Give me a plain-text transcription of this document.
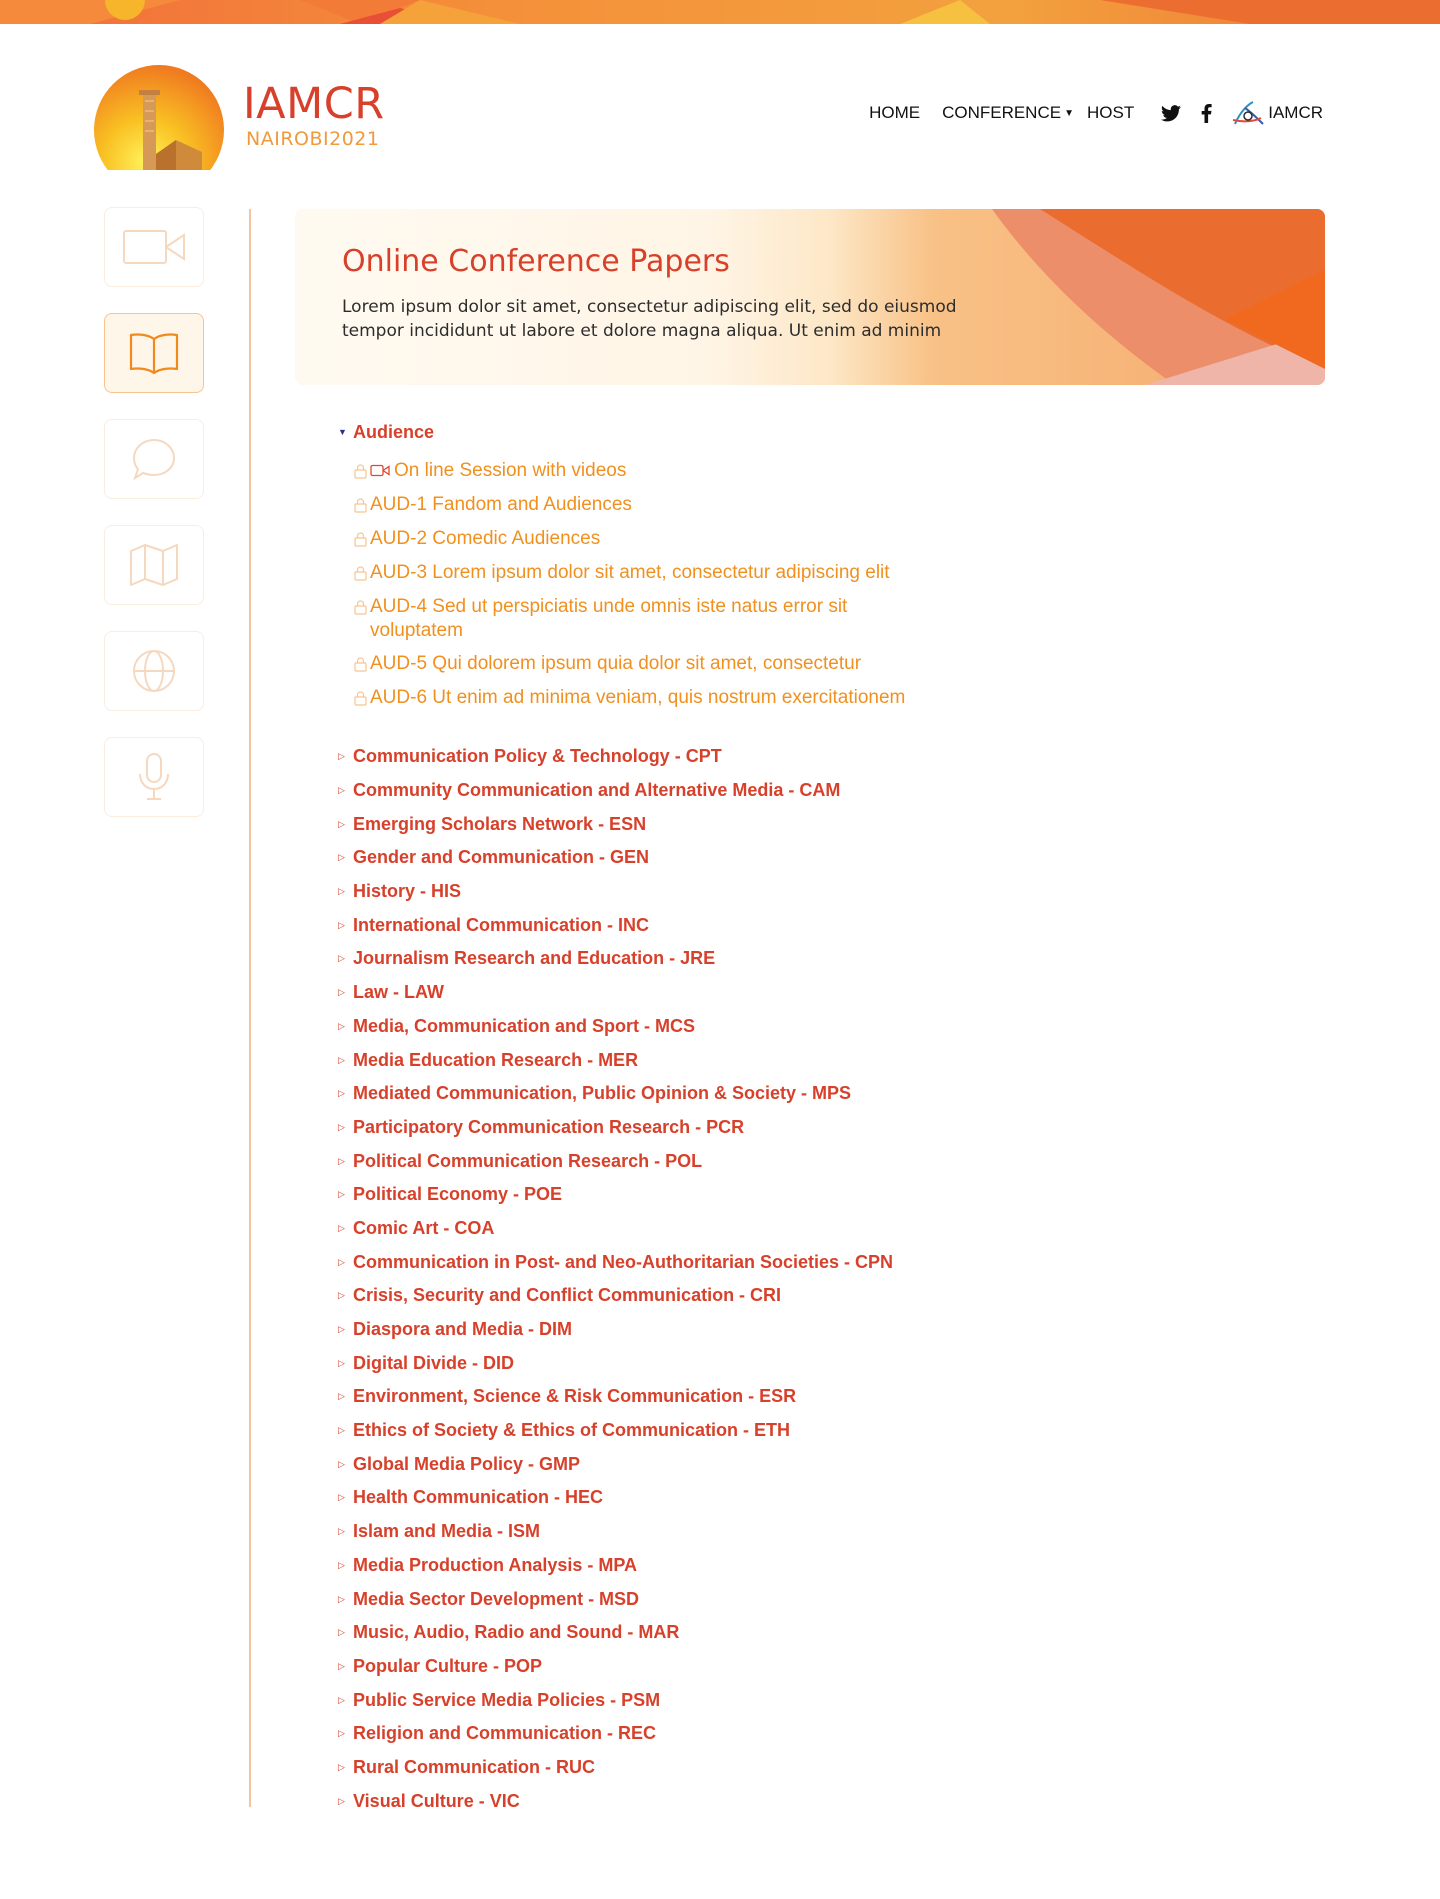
IAMCR
NAIROBI2021
HOME CONFERENCE ▼ HOST	IAMCR
Online Conference Papers

Lorem ipsum dolor sit amet, consectetur adipiscing elit, sed do eiusmod tempor incididunt ut labore et dolore magna aliqua. Ut enim ad minim

▼ Audience
On line Session with videos
AUD-1 Fandom and Audiences
AUD-2 Comedic Audiences
AUD-3 Lorem ipsum dolor sit amet, consectetur adipiscing elit
AUD-4 Sed ut perspiciatis unde omnis iste natus error sit voluptatem
AUD-5 Qui dolorem ipsum quia dolor sit amet, consectetur
AUD-6 Ut enim ad minima veniam, quis nostrum exercitationem
▷ Communication Policy & Technology - CPT
▷ Community Communication and Alternative Media - CAM
▷ Emerging Scholars Network - ESN
▷ Gender and Communication - GEN
▷ History - HIS
▷ International Communication - INC
▷ Journalism Research and Education - JRE
▷ Law - LAW
▷ Media, Communication and Sport - MCS
▷ Media Education Research - MER
▷ Mediated Communication, Public Opinion & Society - MPS
▷ Participatory Communication Research - PCR
▷ Political Communication Research - POL
▷ Political Economy - POE
▷ Comic Art - COA
▷ Communication in Post- and Neo-Authoritarian Societies - CPN
▷ Crisis, Security and Conflict Communication - CRI
▷ Diaspora and Media - DIM
▷ Digital Divide - DID
▷ Environment, Science & Risk Communication - ESR
▷ Ethics of Society & Ethics of Communication - ETH
▷ Global Media Policy - GMP
▷ Health Communication - HEC
▷ Islam and Media - ISM
▷ Media Production Analysis - MPA
▷ Media Sector Development - MSD
▷ Music, Audio, Radio and Sound - MAR
▷ Popular Culture - POP
▷ Public Service Media Policies - PSM
▷ Religion and Communication - REC
▷ Rural Communication - RUC
▷ Visual Culture - VIC
